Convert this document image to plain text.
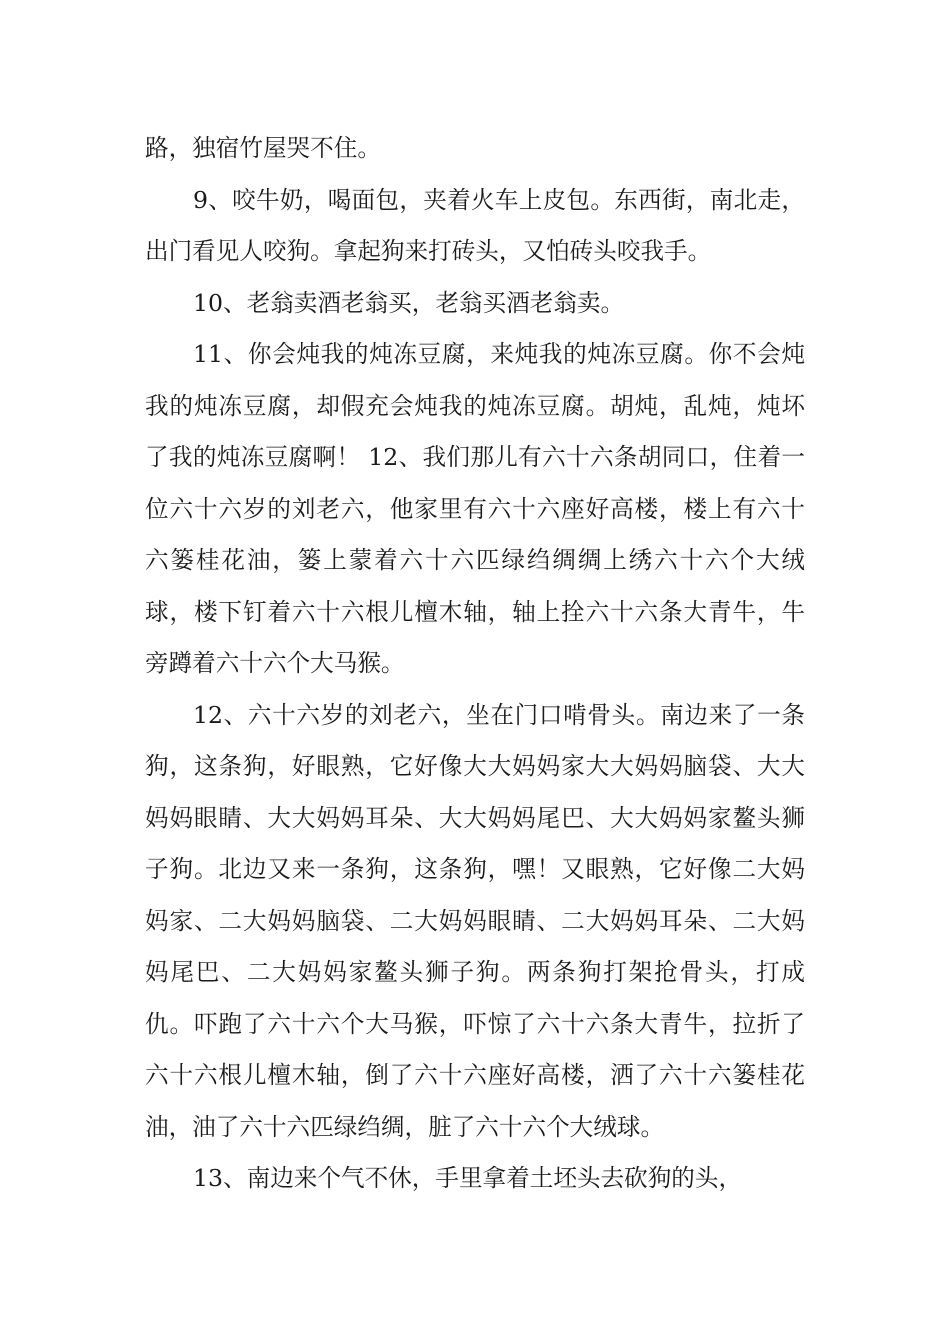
路，独宿竹屋哭不住。

9、咬牛奶，喝面包，夹着火车上皮包。东西街，南北走，出门看见人咬狗。拿起狗来打砖头，又怕砖头咬我手。

10、老翁卖酒老翁买，老翁买酒老翁卖。

11、你会炖我的炖冻豆腐，来炖我的炖冻豆腐。你不会炖我的炖冻豆腐，却假充会炖我的炖冻豆腐。胡炖，乱炖，炖坏了我的炖冻豆腐啊！ 12、我们那儿有六十六条胡同口，住着一位六十六岁的刘老六，他家里有六十六座好高楼，楼上有六十六篓桂花油，篓上蒙着六十六匹绿绉绸绸上绣六十六个大绒球，楼下钉着六十六根儿檀木轴，轴上拴六十六条大青牛，牛旁蹲着六十六个大马猴。

12、六十六岁的刘老六，坐在门口啃骨头。南边来了一条狗，这条狗，好眼熟，它好像大大妈妈家大大妈妈脑袋、大大妈妈眼睛、大大妈妈耳朵、大大妈妈尾巴、大大妈妈家鳌头狮子狗。北边又来一条狗，这条狗，嘿！又眼熟，它好像二大妈妈家、二大妈妈脑袋、二大妈妈眼睛、二大妈妈耳朵、二大妈妈尾巴、二大妈妈家鳌头狮子狗。两条狗打架抢骨头，打成仇。吓跑了六十六个大马猴，吓惊了六十六条大青牛，拉折了六十六根儿檀木轴，倒了六十六座好高楼，洒了六十六篓桂花油，油了六十六匹绿绉绸，脏了六十六个大绒球。

13、南边来个气不休，手里拿着土坯头去砍狗的头，
